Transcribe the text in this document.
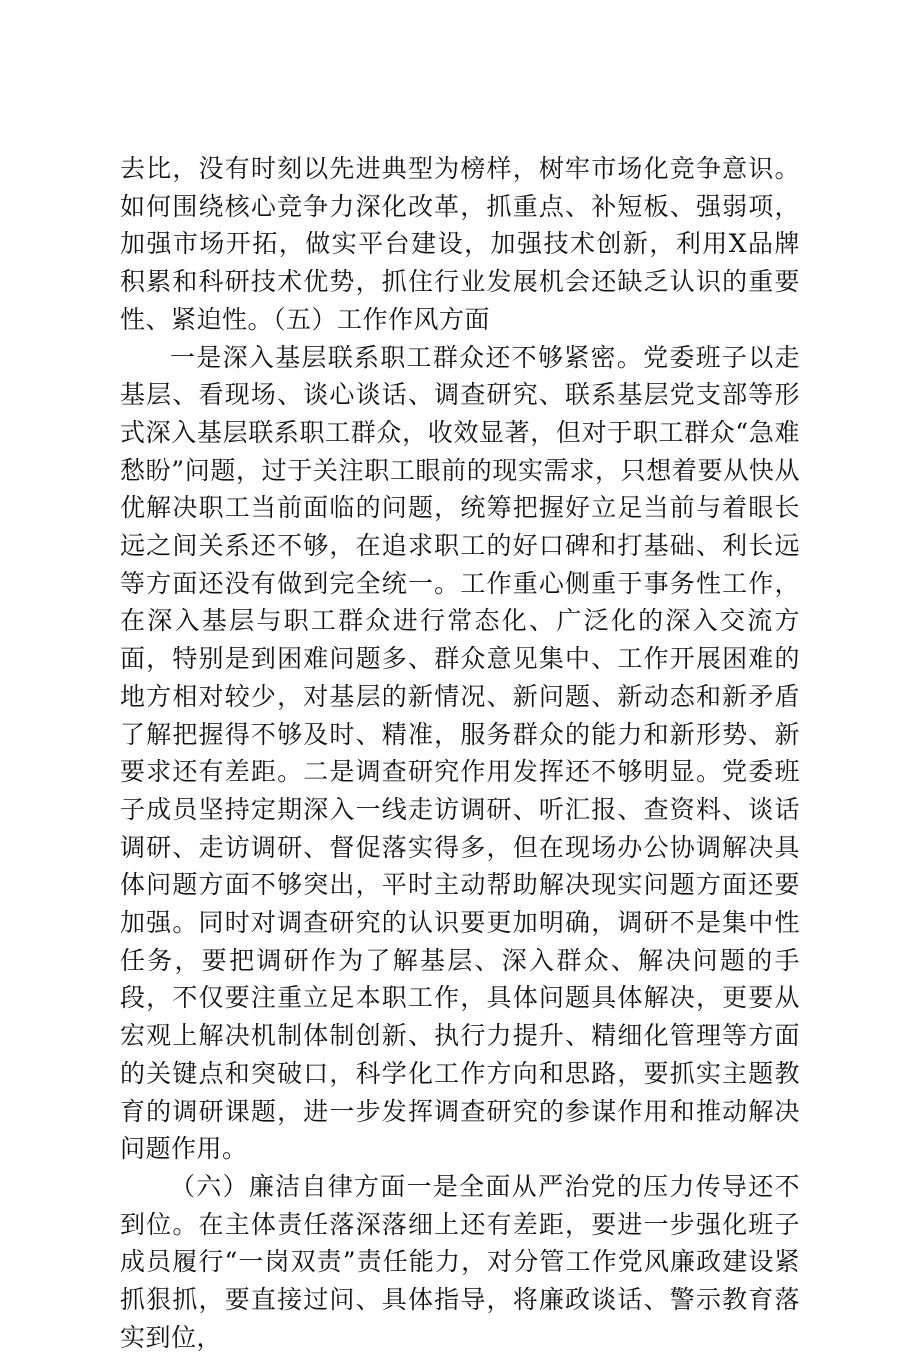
去比，没有时刻以先进典型为榜样，树牢市场化竞争意识。如何围绕核心竞争力深化改革，抓重点、补短板、强弱项，加强市场开拓，做实平台建设，加强技术创新，利用X品牌积累和科研技术优势，抓住行业发展机会还缺乏认识的重要性、紧迫性。（五）工作作风方面

一是深入基层联系职工群众还不够紧密。党委班子以走基层、看现场、谈心谈话、调查研究、联系基层党支部等形式深入基层联系职工群众，收效显著，但对于职工群众“急难愁盼”问题，过于关注职工眼前的现实需求，只想着要从快从优解决职工当前面临的问题，统筹把握好立足当前与着眼长远之间关系还不够，在追求职工的好口碑和打基础、利长远等方面还没有做到完全统一。工作重心侧重于事务性工作，在深入基层与职工群众进行常态化、广泛化的深入交流方面，特别是到困难问题多、群众意见集中、工作开展困难的地方相对较少，对基层的新情况、新问题、新动态和新矛盾了解把握得不够及时、精准，服务群众的能力和新形势、新要求还有差距。二是调查研究作用发挥还不够明显。党委班子成员坚持定期深入一线走访调研、听汇报、查资料、谈话调研、走访调研、督促落实得多，但在现场办公协调解决具体问题方面不够突出，平时主动帮助解决现实问题方面还要加强。同时对调查研究的认识要更加明确，调研不是集中性任务，要把调研作为了解基层、深入群众、解决问题的手段，不仅要注重立足本职工作，具体问题具体解决，更要从宏观上解决机制体制创新、执行力提升、精细化管理等方面的关键点和突破口，科学化工作方向和思路，要抓实主题教育的调研课题，进一步发挥调查研究的参谋作用和推动解决问题作用。

（六）廉洁自律方面一是全面从严治党的压力传导还不到位。在主体责任落深落细上还有差距，要进一步强化班子成员履行“一岗双责”责任能力，对分管工作党风廉政建设紧抓狠抓，要直接过问、具体指导，将廉政谈话、警示教育落实到位，
